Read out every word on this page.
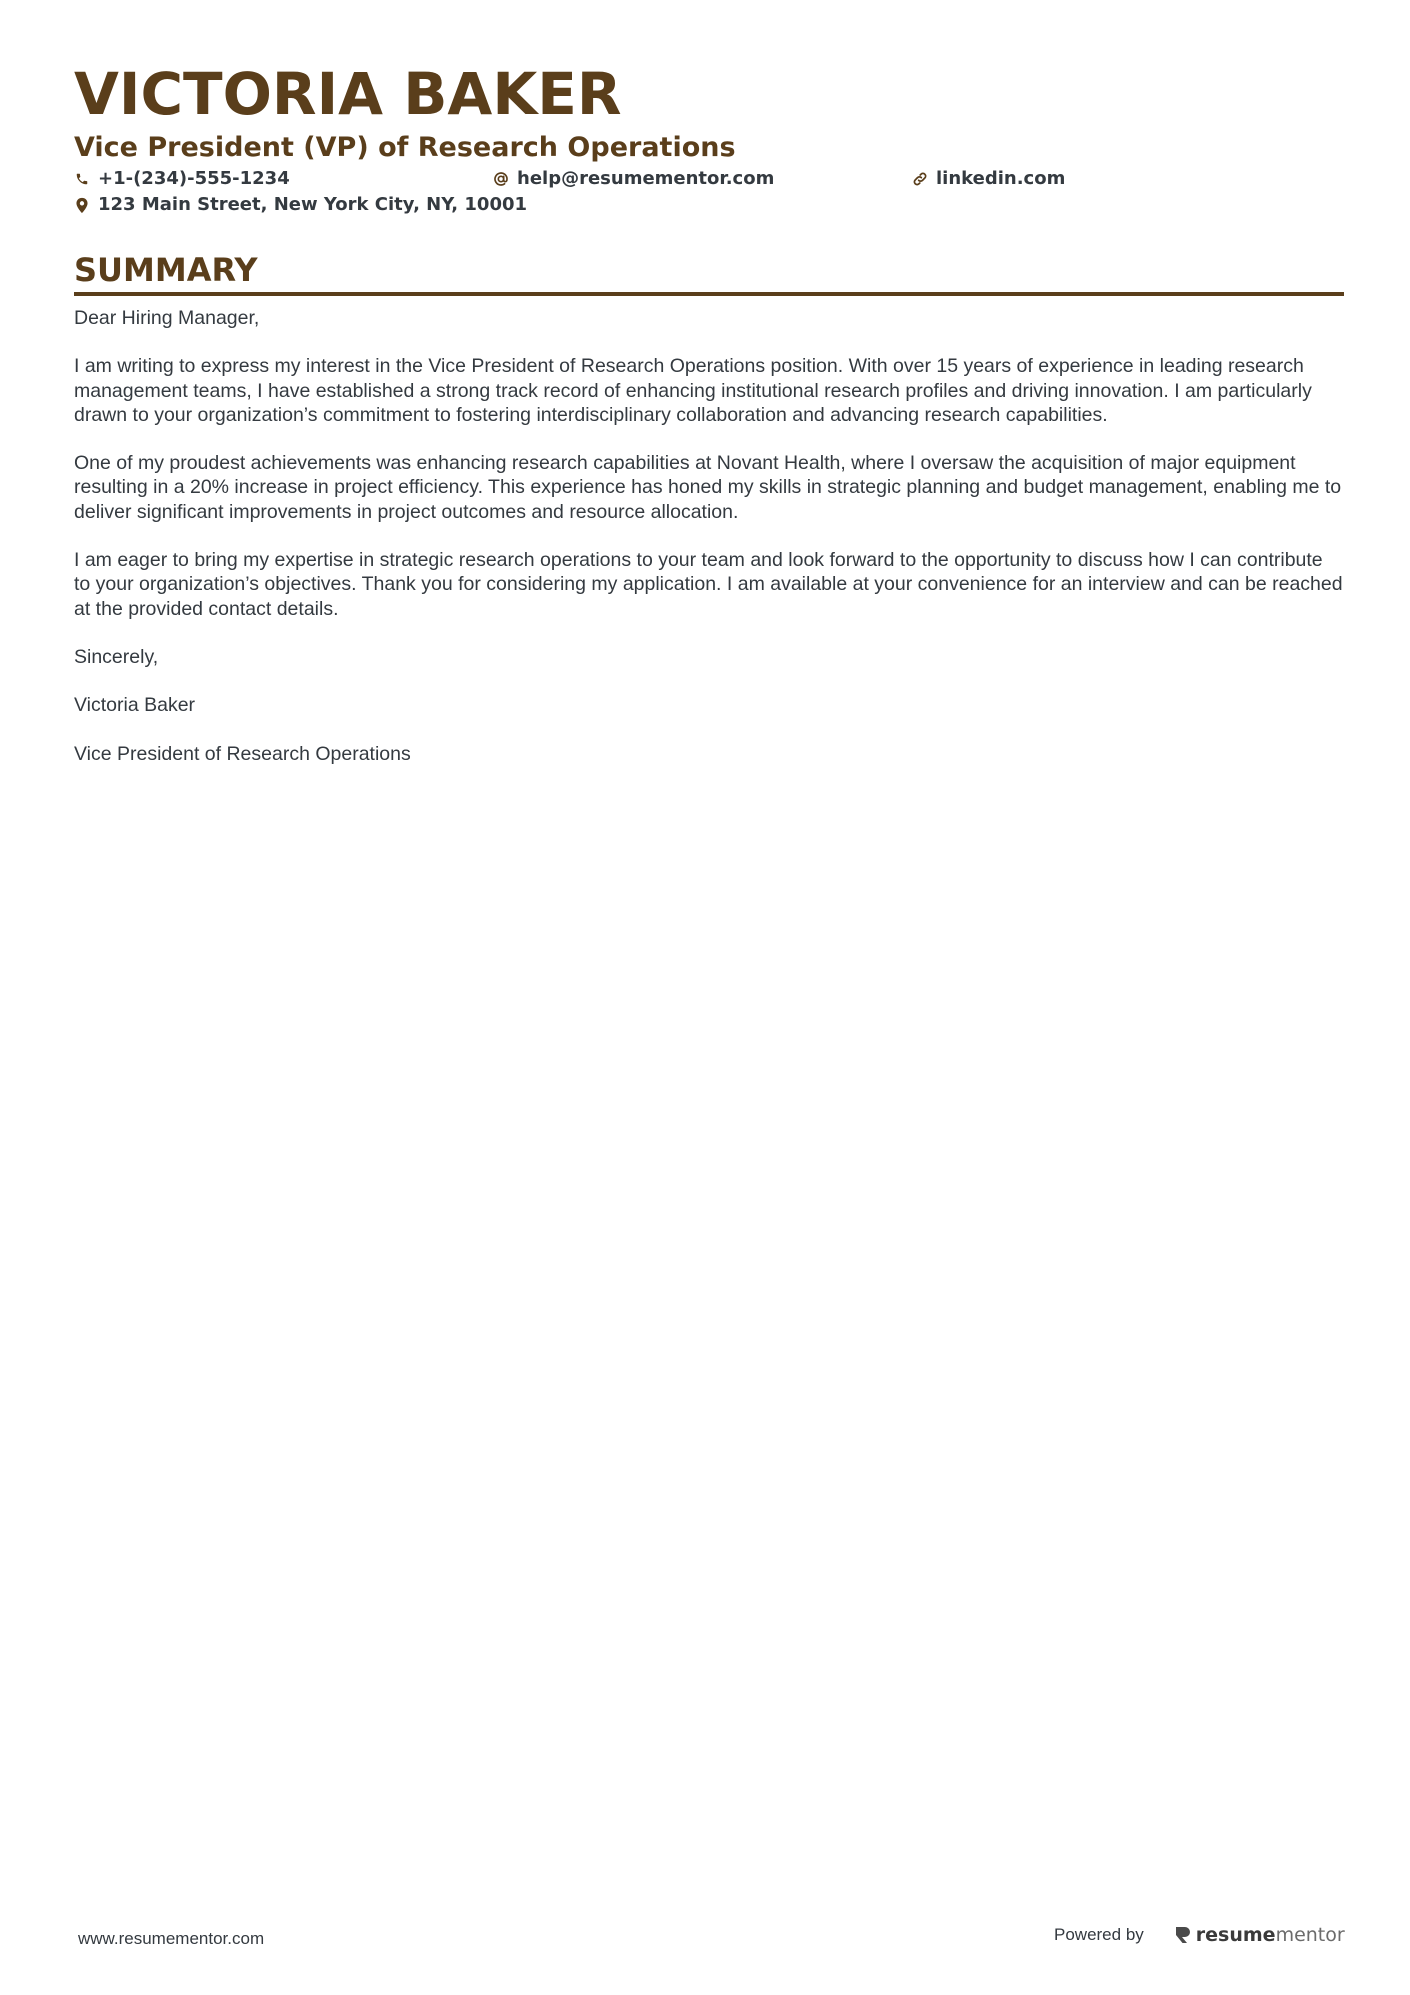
VICTORIA BAKER
Vice President (VP) of Research Operations
+1-(234)-555-1234	help@resumementor.com	linkedin.com
123 Main Street, New York City, NY, 10001
SUMMARY

Dear Hiring Manager,

I am writing to express my interest in the Vice President of Research Operations position. With over 15 years of experience in leading research management teams, I have established a strong track record of enhancing institutional research profiles and driving innovation. I am particularly drawn to your organization’s commitment to fostering interdisciplinary collaboration and advancing research capabilities.

One of my proudest achievements was enhancing research capabilities at Novant Health, where I oversaw the acquisition of major equipment resulting in a 20% increase in project efficiency. This experience has honed my skills in strategic planning and budget management, enabling me to deliver significant improvements in project outcomes and resource allocation.

I am eager to bring my expertise in strategic research operations to your team and look forward to the opportunity to discuss how I can contribute to your organization’s objectives. Thank you for considering my application. I am available at your convenience for an interview and can be reached at the provided contact details.

Sincerely,

Victoria Baker

Vice President of Research Operations

www.resumementor.com	Powered by	resume mentor
